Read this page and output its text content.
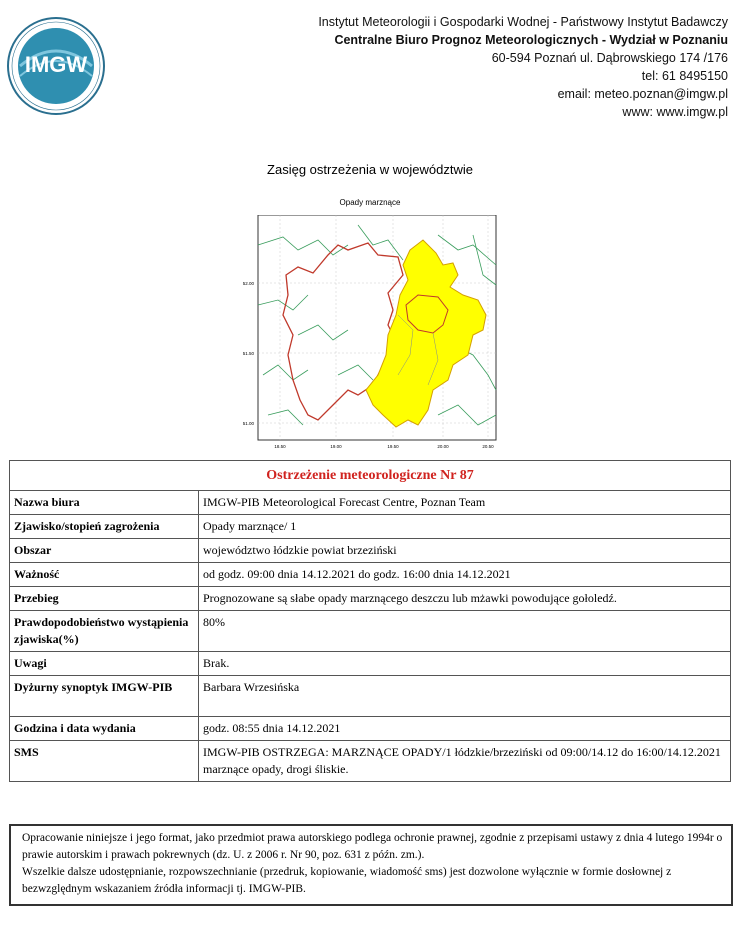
IMGW
Instytut Meteorologii i Gospodarki Wodnej - Państwowy Instytut Badawczy
Centralne Biuro Prognoz Meteorologicznych - Wydział w Poznaniu
60-594 Poznań ul. Dąbrowskiego 174 /176
tel: 61 8495150
email: meteo.poznan@imgw.pl
www: www.imgw.pl
Zasięg ostrzeżenia w województwie
Opady marznące
52.00
51.50
51.00
18.50	19.00	19.50	20.00	20.50
Ostrzeżenie meteorologiczne Nr 87	
Nazwa biura	IMGW-PIB Meteorological Forecast Centre, Poznan Team
Zjawisko/stopień zagrożenia	Opady marznące/ 1
Obszar	województwo łódzkie powiat brzeziński
Ważność	od godz. 09:00 dnia 14.12.2021 do godz. 16:00 dnia 14.12.2021
Przebieg	Prognozowane są słabe opady marznącego deszczu lub mżawki powodujące gołoledź.
Prawdopodobieństwo wystąpienia zjawiska(%)	80%
Uwagi	Brak.
Dyżurny synoptyk IMGW-PIB	Barbara Wrzesińska
Godzina i data wydania	godz. 08:55 dnia 14.12.2021
SMS	IMGW-PIB OSTRZEGA: MARZNĄCE OPADY/1 łódzkie/brzeziński od 09:00/14.12 do 16:00/14.12.2021 marznące opady, drogi śliskie.

Opracowanie niniejsze i jego format, jako przedmiot prawa autorskiego podlega ochronie prawnej, zgodnie z przepisami ustawy z dnia 4 lutego 1994r o prawie autorskim i prawach pokrewnych (dz. U. z 2006 r. Nr 90, poz. 631 z późn. zm.).

Wszelkie dalsze udostępnianie, rozpowszechnianie (przedruk, kopiowanie, wiadomość sms) jest dozwolone wyłącznie w formie dosłownej z bezwzględnym wskazaniem źródła informacji tj. IMGW-PIB.
